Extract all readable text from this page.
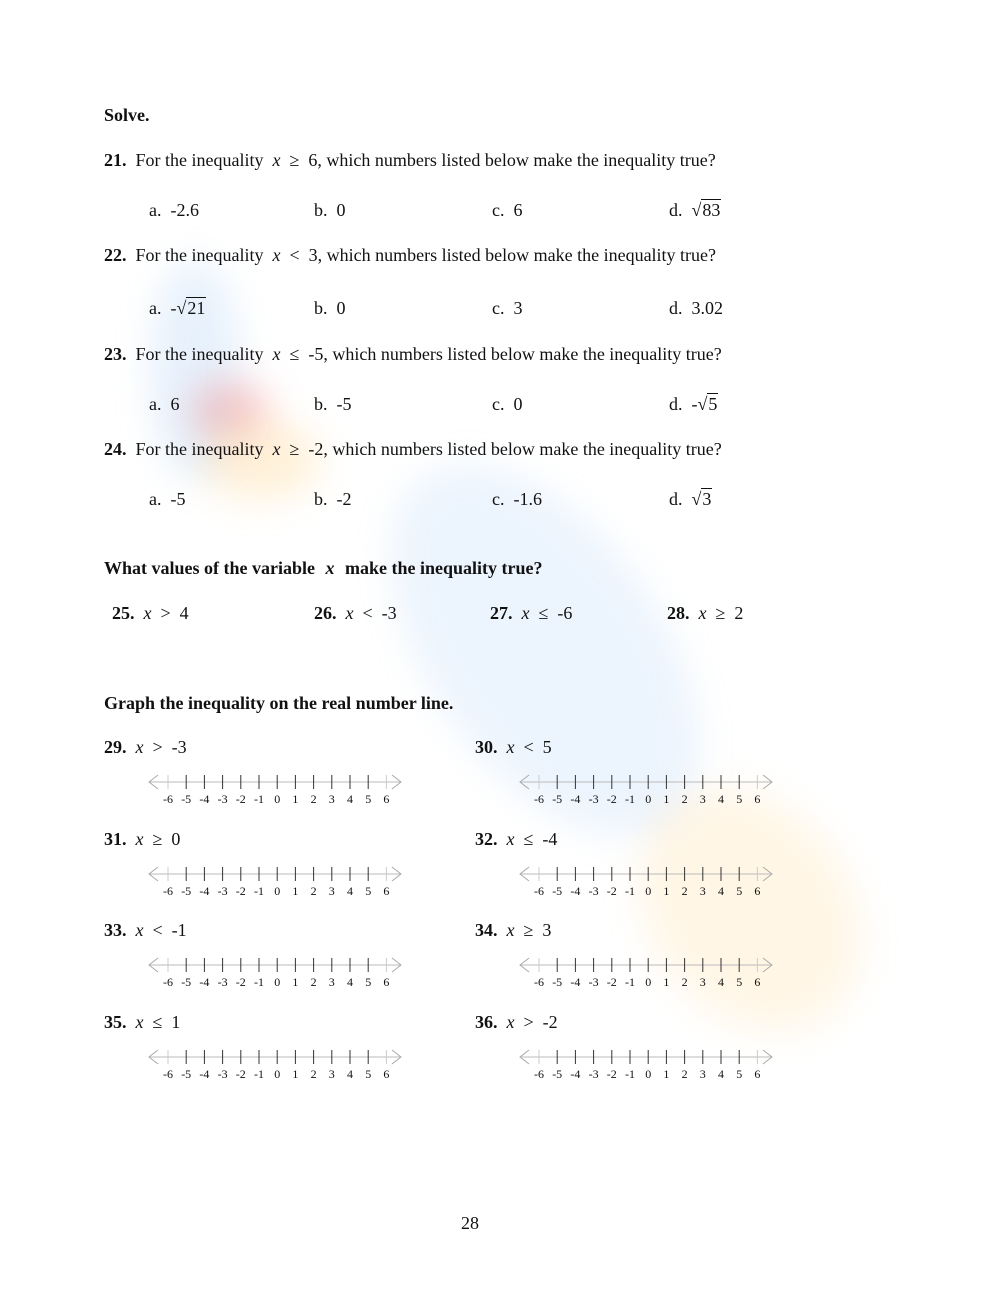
Solve.
21. For the inequality x ≥ 6, which numbers listed below make the inequality true?
a. -2.6	b. 0	c. 6	d. √83
22. For the inequality x < 3, which numbers listed below make the inequality true?
a. -√21	b. 0	c. 3	d. 3.02
23. For the inequality x ≤ -5, which numbers listed below make the inequality true?
a. 6	b. -5	c. 0	d. -√5
24. For the inequality x ≥ -2, which numbers listed below make the inequality true?
a. -5	b. -2	c. -1.6	d. √3
What values of the variable x make the inequality true?
25. x > 4	26. x < -3	27. x ≤ -6	28. x ≥ 2
Graph the inequality on the real number line.
29. x > -3
-6 -5 -4 -3 -2 -1 0 1 2 3 4 5 6
30. x < 5
-6 -5 -4 -3 -2 -1 0 1 2 3 4 5 6
31. x ≥ 0
-6 -5 -4 -3 -2 -1 0 1 2 3 4 5 6
32. x ≤ -4
-6 -5 -4 -3 -2 -1 0 1 2 3 4 5 6
33. x < -1
-6 -5 -4 -3 -2 -1 0 1 2 3 4 5 6
34. x ≥ 3
-6 -5 -4 -3 -2 -1 0 1 2 3 4 5 6
35. x ≤ 1
-6 -5 -4 -3 -2 -1 0 1 2 3 4 5 6
36. x > -2
-6 -5 -4 -3 -2 -1 0 1 2 3 4 5 6
28
